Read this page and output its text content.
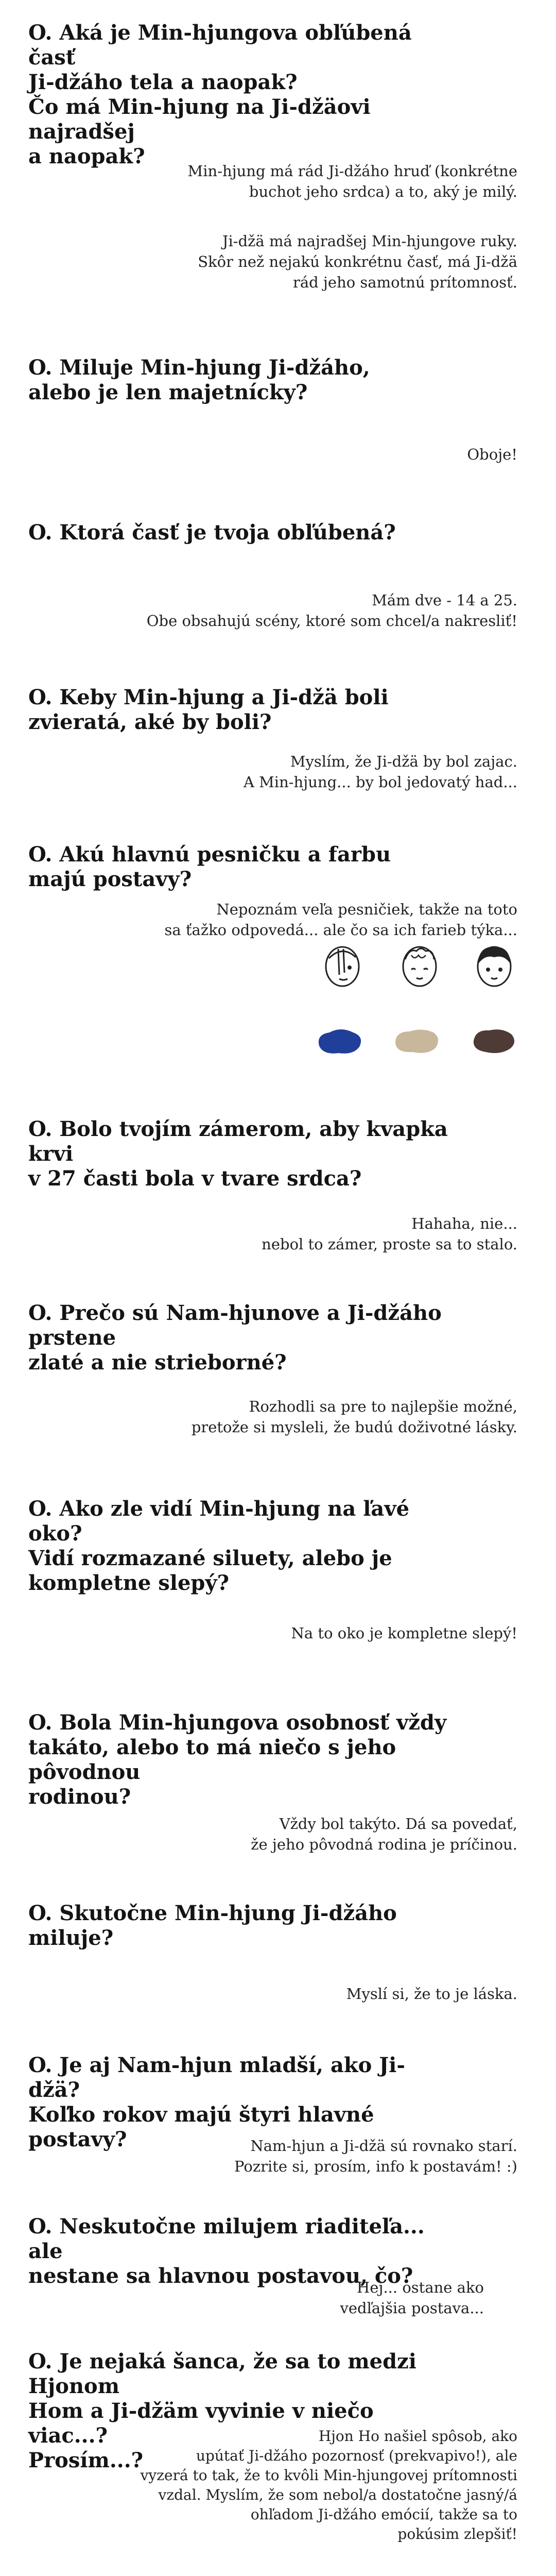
O. Aká je Min-hjungova obľúbená časť
Ji-džáho tela a naopak?
Čo má Min-hjung na Ji-džäovi najradšej
a naopak?
Min-hjung má rád Ji-džáho hruď (konkrétne
buchot jeho srdca) a to, aký je milý.
Ji-džä má najradšej Min-hjungove ruky.
Skôr než nejakú konkrétnu časť, má Ji-džä
rád jeho samotnú prítomnosť.
O. Miluje Min-hjung Ji-džáho,
alebo je len majetnícky?
Oboje!
O. Ktorá časť je tvoja obľúbená?
Mám dve - 14 a 25.
Obe obsahujú scény, ktoré som chcel/a nakresliť!
O. Keby Min-hjung a Ji-džä boli
zvieratá, aké by boli?
Myslím, že Ji-džä by bol zajac.
A Min-hjung... by bol jedovatý had...
O. Akú hlavnú pesničku a farbu
majú postavy?
Nepoznám veľa pesničiek, takže na toto
sa ťažko odpovedá... ale čo sa ich farieb týka...
O. Bolo tvojím zámerom, aby kvapka krvi
v 27 časti bola v tvare srdca?
Hahaha, nie...
nebol to zámer, proste sa to stalo.
O. Prečo sú Nam-hjunove a Ji-džáho prstene
zlaté a nie strieborné?
Rozhodli sa pre to najlepšie možné,
pretože si mysleli, že budú doživotné lásky.
O. Ako zle vidí Min-hjung na ľavé oko?
Vidí rozmazané siluety, alebo je
kompletne slepý?
Na to oko je kompletne slepý!
O. Bola Min-hjungova osobnosť vždy
takáto, alebo to má niečo s jeho pôvodnou
rodinou?
Vždy bol takýto. Dá sa povedať,
že jeho pôvodná rodina je príčinou.
O. Skutočne Min-hjung Ji-džáho miluje?
Myslí si, že to je láska.
O. Je aj Nam-hjun mladší, ako Ji-džä?
Koľko rokov majú štyri hlavné postavy?	Nam-hjun a Ji-džä sú rovnako starí.
Pozrite si, prosím, info k postavám! :)
O. Neskutočne milujem riaditeľa... ale
nestane sa hlavnou postavou, čo?
Hej... ostane ako
vedľajšia postava...
O. Je nejaká šanca, že sa to medzi Hjonom
Hom a Ji-džäm vyvinie v niečo viac...?
Prosím...?
Hjon Ho našiel spôsob, ako
upútať Ji-džáho pozornosť (prekvapivo!), ale
vyzerá to tak, že to kvôli Min-hjungovej prítomnosti
vzdal. Myslím, že som nebol/a dostatočne jasný/á
ohľadom Ji-džáho emócií, takže sa to
pokúsim zlepšiť!
